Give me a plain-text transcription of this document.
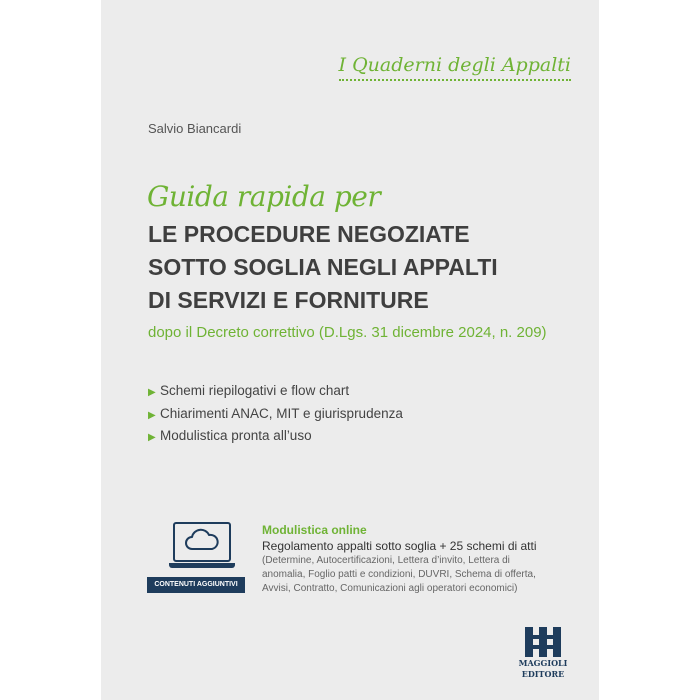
I Quaderni degli Appalti
Salvio Biancardi
Guida rapida per
LE PROCEDURE NEGOZIATE
SOTTO SOGLIA NEGLI APPALTI
DI SERVIZI E FORNITURE
dopo il Decreto correttivo (D.Lgs. 31 dicembre 2024, n. 209)
▶ Schemi riepilogativi e flow chart
▶ Chiarimenti ANAC, MIT e giurisprudenza
▶ Modulistica pronta all’uso
CONTENUTI AGGIUNTIVI
Modulistica online
Regolamento appalti sotto soglia + 25 schemi di atti
(Determine, Autocertificazioni, Lettera d’invito, Lettera di anomalia, Foglio patti e condizioni, DUVRI, Schema di offerta, Avvisi, Contratto, Comunicazioni agli operatori economici)
MAGGIOLI
EDITORE
